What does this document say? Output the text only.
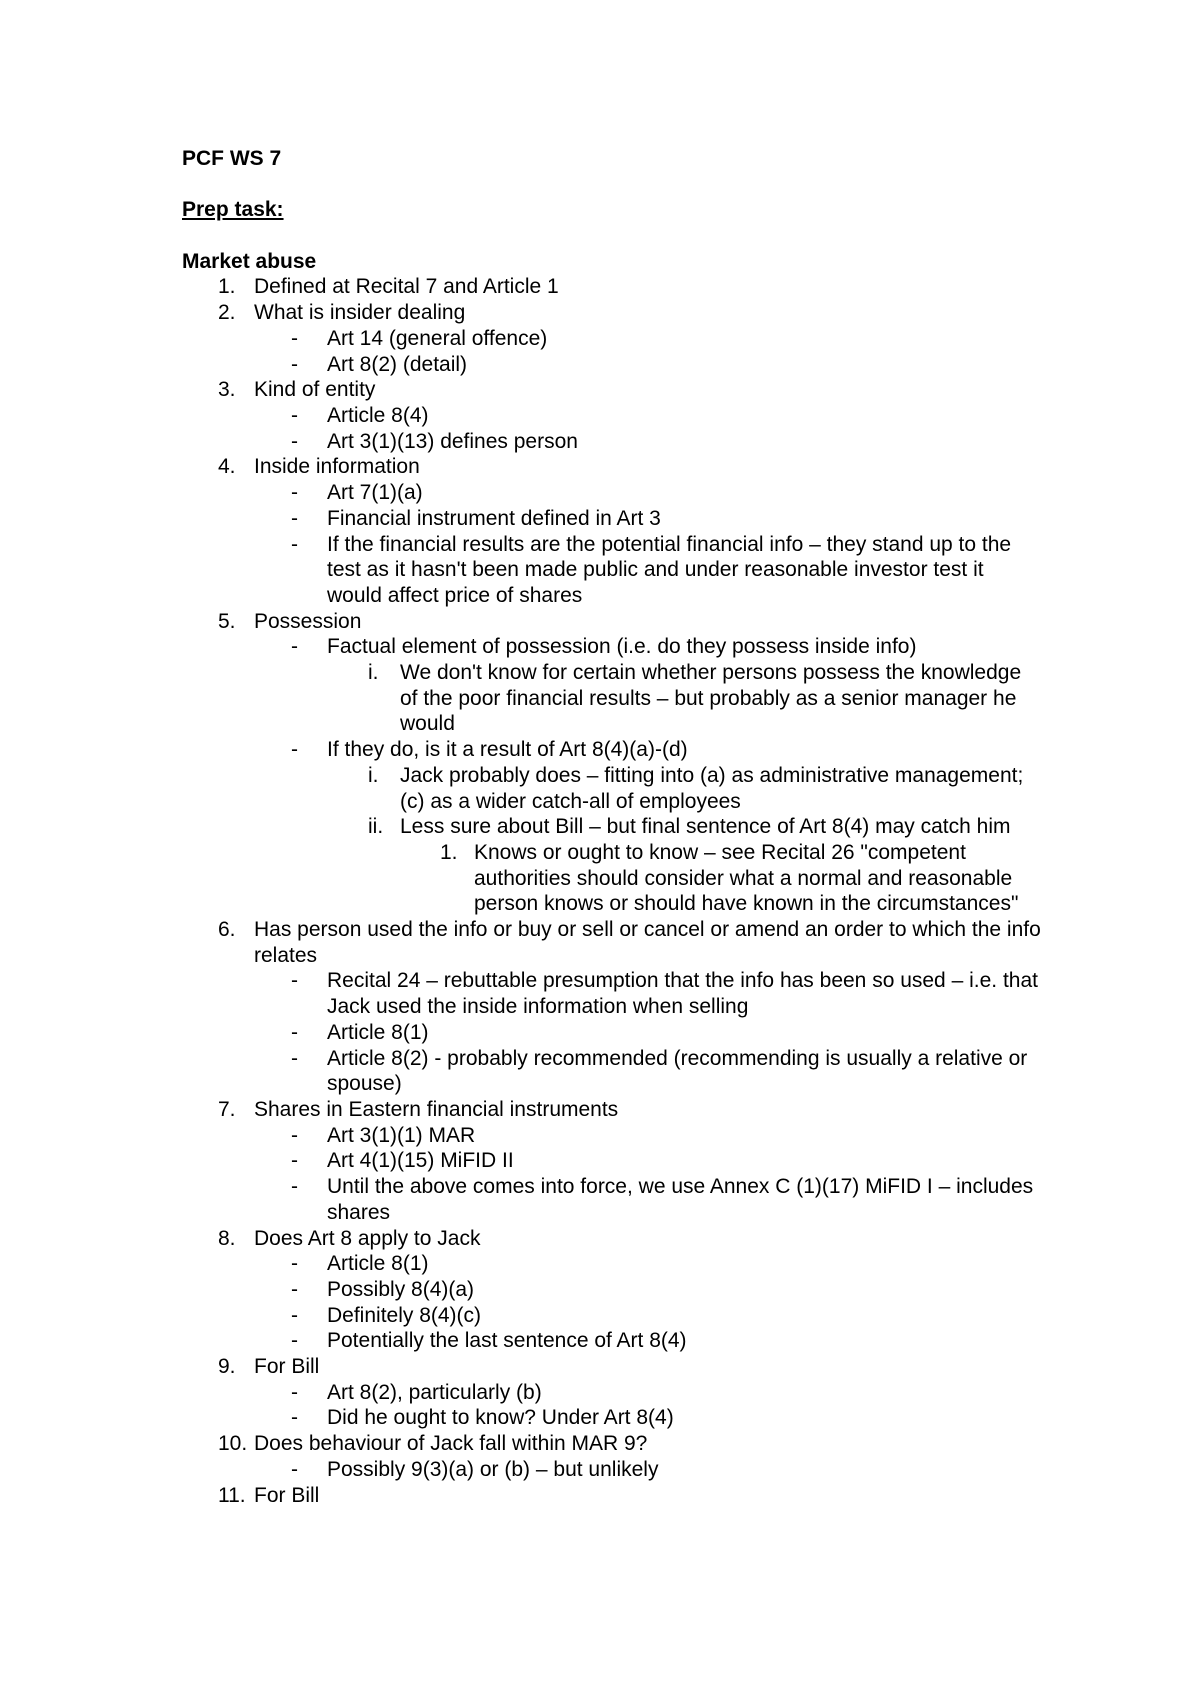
PCF WS 7
Prep task:
Market abuse
1. Defined at Recital 7 and Article 1
2. What is insider dealing
- Art 14 (general offence)
- Art 8(2) (detail)
3. Kind of entity
- Article 8(4)
- Art 3(1)(13) defines person
4. Inside information
- Art 7(1)(a)
- Financial instrument defined in Art 3
- If the financial results are the potential financial info – they stand up to the test as it hasn't been made public and under reasonable investor test it would affect price of shares
5. Possession
- Factual element of possession (i.e. do they possess inside info)
i.	We don't know for certain whether persons possess the knowledge of the poor financial results – but probably as a senior manager he would
- If they do, is it a result of Art 8(4)(a)-(d)
i.	Jack probably does – fitting into (a) as administrative management; (c) as a wider catch-all of employees
ii. Less sure about Bill – but final sentence of Art 8(4) may catch him
1. Knows or ought to know – see Recital 26 "competent authorities should consider what a normal and reasonable person knows or should have known in the circumstances"
6. Has person used the info or buy or sell or cancel or amend an order to which the info relates
- Recital 24 – rebuttable presumption that the info has been so used – i.e. that Jack used the inside information when selling
- Article 8(1)
- Article 8(2) - probably recommended (recommending is usually a relative or spouse)
7. Shares in Eastern financial instruments
- Art 3(1)(1) MAR
- Art 4(1)(15) MiFID II
- Until the above comes into force, we use Annex C (1)(17) MiFID I – includes shares
8. Does Art 8 apply to Jack
- Article 8(1)
- Possibly 8(4)(a)
- Definitely 8(4)(c)
- Potentially the last sentence of Art 8(4)
9. For Bill
- Art 8(2), particularly (b)
- Did he ought to know? Under Art 8(4)
10. Does behaviour of Jack fall within MAR 9?
- Possibly 9(3)(a) or (b) – but unlikely
11. For Bill
